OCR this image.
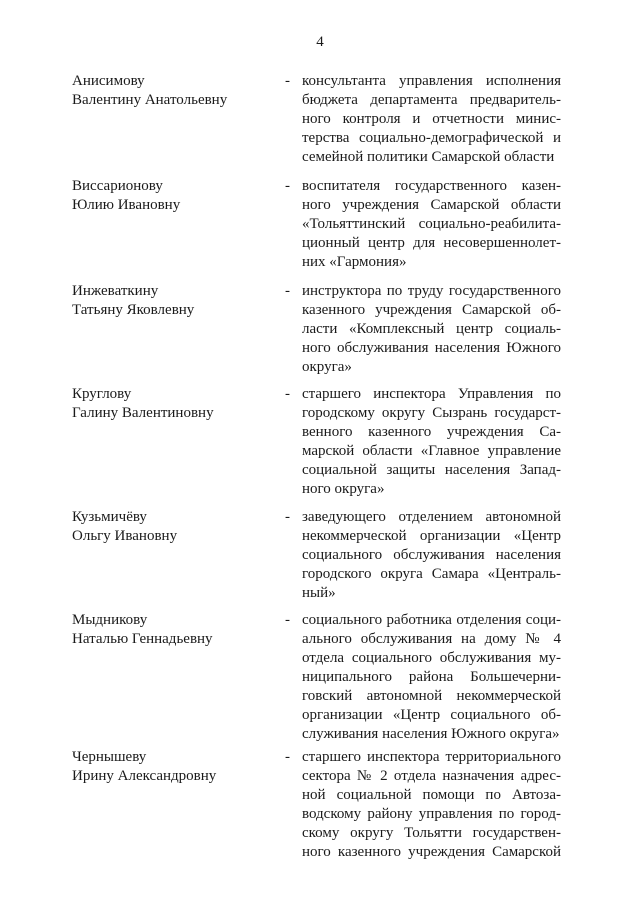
4
Анисимову
Валентину Анатольевну
- консультанта управления исполнения
бюджета департамента предваритель-
ного контроля и отчетности минис-
терства социально-демографической и
семейной политики Самарской области
Виссарионову
Юлию Ивановну
- воспитателя государственного казен-
ного учреждения Самарской области
«Тольяттинский социально-реабилита-
ционный центр для несовершеннолет-
них «Гармония»
Инжеваткину
Татьяну Яковлевну
- инструктора по труду государственного
казенного учреждения Самарской об-
ласти «Комплексный центр социаль-
ного обслуживания населения Южного
округа»
Круглову
Галину Валентиновну
- старшего инспектора Управления по
городскому округу Сызрань государст-
венного казенного учреждения Са-
марской области «Главное управление
социальной защиты населения Запад-
ного округа»
Кузьмичёву
Ольгу Ивановну
- заведующего отделением автономной
некоммерческой организации «Центр
социального обслуживания населения
городского округа Самара «Централь-
ный»
Мыдникову
Наталью Геннадьевну
- социального работника отделения соци-
ального обслуживания на дому № 4
отдела социального обслуживания му-
ниципального района Большечерни-
говский автономной некоммерческой
организации «Центр социального об-
служивания населения Южного округа»
Чернышеву
Ирину Александровну
- старшего инспектора территориального
сектора № 2 отдела назначения адрес-
ной социальной помощи по Автоза-
водскому району управления по город-
скому округу Тольятти государствен-
ного казенного учреждения Самарской
